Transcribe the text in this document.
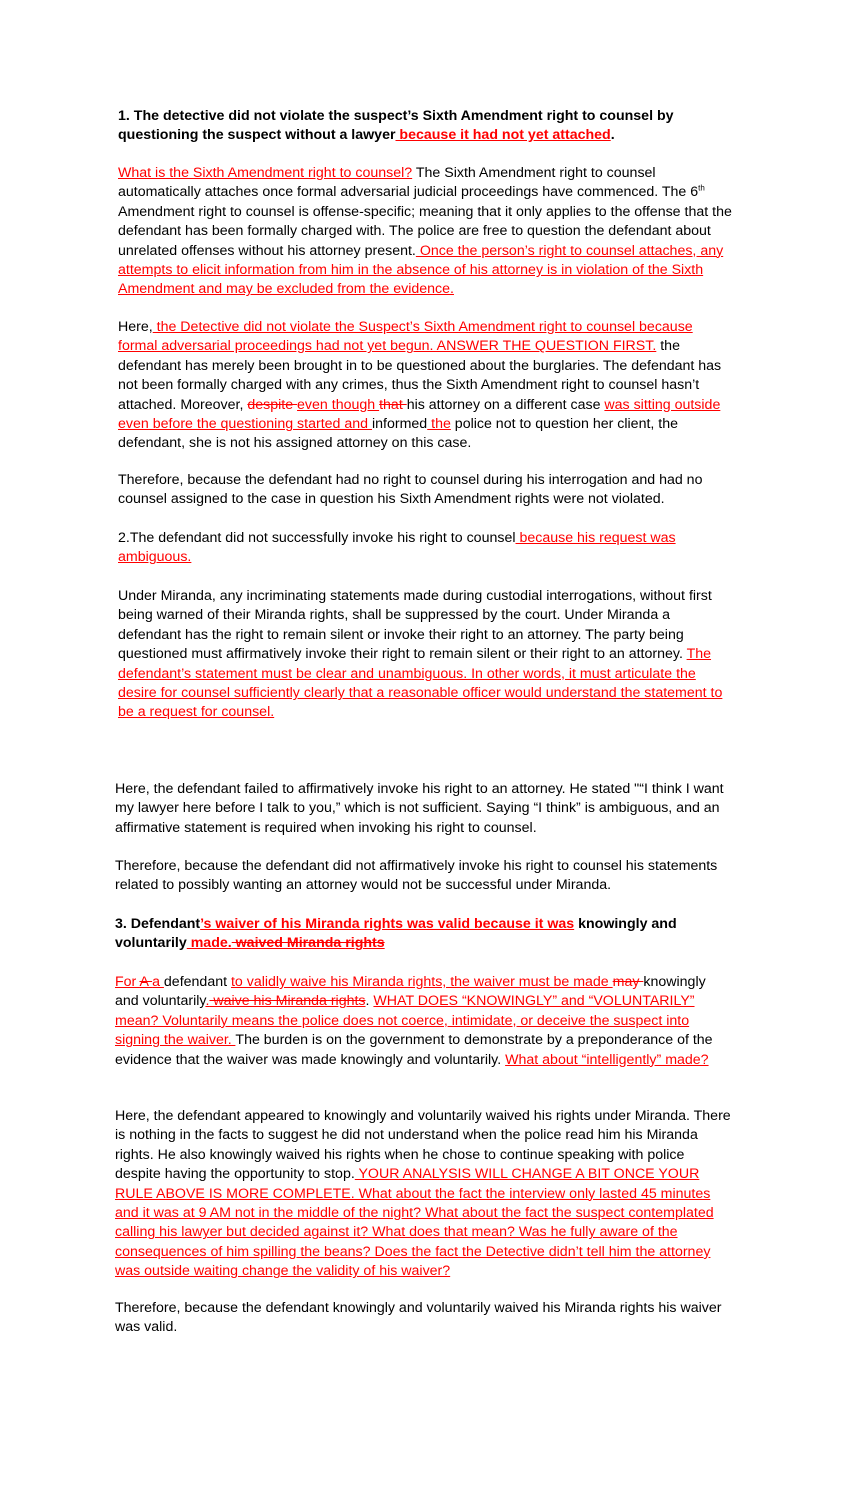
1. The detective did not violate the suspect’s Sixth Amendment right to counsel by questioning the suspect without a lawyer because it had not yet attached.

What is the Sixth Amendment right to counsel? The Sixth Amendment right to counsel automatically attaches once formal adversarial judicial proceedings have commenced. The 6th Amendment right to counsel is offense-specific; meaning that it only applies to the offense that the defendant has been formally charged with. The police are free to question the defendant about unrelated offenses without his attorney present. Once the person’s right to counsel attaches, any attempts to elicit information from him in the absence of his attorney is in violation of the Sixth Amendment and may be excluded from the evidence.

Here, the Detective did not violate the Suspect’s Sixth Amendment right to counsel because formal adversarial proceedings had not yet begun. ANSWER THE QUESTION FIRST. the defendant has merely been brought in to be questioned about the burglaries. The defendant has not been formally charged with any crimes, thus the Sixth Amendment right to counsel hasn’t attached. Moreover, despite even though that his attorney on a different case was sitting outside even before the questioning started and informed the police not to question her client, the defendant, she is not his assigned attorney on this case.

Therefore, because the defendant had no right to counsel during his interrogation and had no counsel assigned to the case in question his Sixth Amendment rights were not violated.

2.The defendant did not successfully invoke his right to counsel because his request was ambiguous.

Under Miranda, any incriminating statements made during custodial interrogations, without first being warned of their Miranda rights, shall be suppressed by the court. Under Miranda a defendant has the right to remain silent or invoke their right to an attorney. The party being questioned must affirmatively invoke their right to remain silent or their right to an attorney. The defendant’s statement must be clear and unambiguous. In other words, it must articulate the desire for counsel sufficiently clearly that a reasonable officer would understand the statement to be a request for counsel.

Here, the defendant failed to affirmatively invoke his right to an attorney. He stated "“I think I want my lawyer here before I talk to you,” which is not sufficient. Saying “I think” is ambiguous, and an affirmative statement is required when invoking his right to counsel.

Therefore, because the defendant did not affirmatively invoke his right to counsel his statements related to possibly wanting an attorney would not be successful under Miranda.

3. Defendant’s waiver of his Miranda rights was valid because it was knowingly and voluntarily made. waived Miranda rights

For A a defendant to validly waive his Miranda rights, the waiver must be made may knowingly and voluntarily. waive his Miranda rights. WHAT DOES “KNOWINGLY” and “VOLUNTARILY” mean? Voluntarily means the police does not coerce, intimidate, or deceive the suspect into signing the waiver. The burden is on the government to demonstrate by a preponderance of the evidence that the waiver was made knowingly and voluntarily. What about “intelligently” made?

Here, the defendant appeared to knowingly and voluntarily waived his rights under Miranda. There is nothing in the facts to suggest he did not understand when the police read him his Miranda rights. He also knowingly waived his rights when he chose to continue speaking with police despite having the opportunity to stop. YOUR ANALYSIS WILL CHANGE A BIT ONCE YOUR RULE ABOVE IS MORE COMPLETE. What about the fact the interview only lasted 45 minutes and it was at 9 AM not in the middle of the night? What about the fact the suspect contemplated calling his lawyer but decided against it? What does that mean? Was he fully aware of the consequences of him spilling the beans? Does the fact the Detective didn’t tell him the attorney was outside waiting change the validity of his waiver?

Therefore, because the defendant knowingly and voluntarily waived his Miranda rights his waiver was valid.
